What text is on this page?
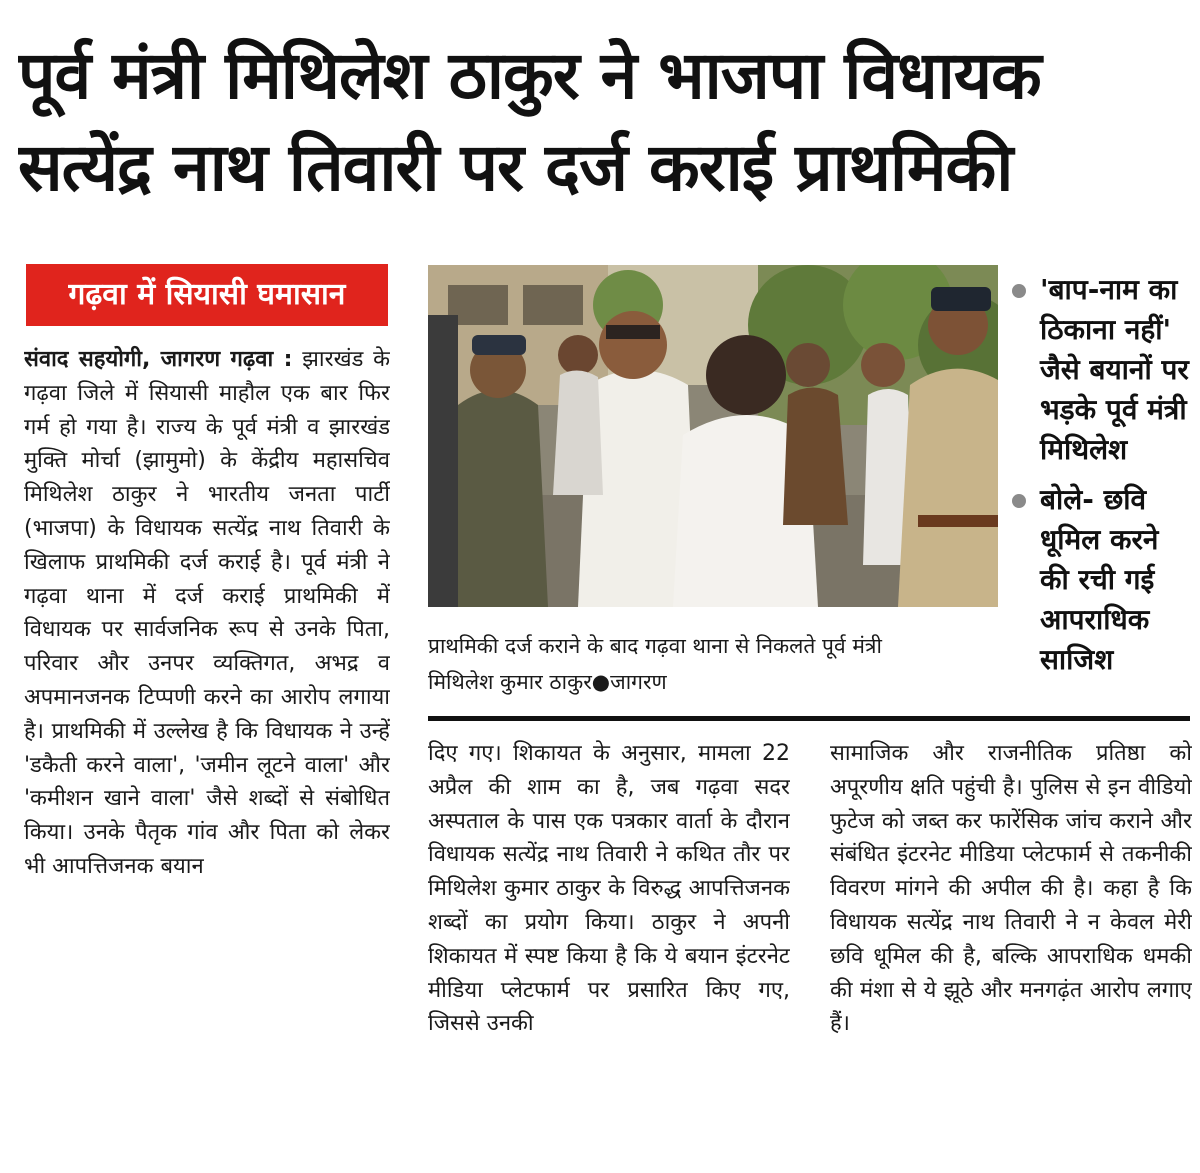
पूर्व मंत्री मिथिलेश ठाकुर ने भाजपा विधायक
सत्येंद्र नाथ तिवारी पर दर्ज कराई प्राथमिकी
गढ़वा में सियासी घमासान
संवाद सहयोगी, जागरण गढ़वा : झारखंड के गढ़वा जिले में सियासी माहौल एक बार फिर गर्म हो गया है। राज्य के पूर्व मंत्री व झारखंड मुक्ति मोर्चा (झामुमो) के केंद्रीय महासचिव मिथिलेश ठाकुर ने भारतीय जनता पार्टी (भाजपा) के विधायक सत्येंद्र नाथ तिवारी के खिलाफ प्राथमिकी दर्ज कराई है। पूर्व मंत्री ने गढ़वा थाना में दर्ज कराई प्राथमिकी में विधायक पर सार्वजनिक रूप से उनके पिता, परिवार और उनपर व्यक्तिगत, अभद्र व अपमानजनक टिप्पणी करने का आरोप लगाया है। प्राथमिकी में उल्लेख है कि विधायक ने उन्हें 'डकैती करने वाला', 'जमीन लूटने वाला' और 'कमीशन खाने वाला' जैसे शब्दों से संबोधित किया। उनके पैतृक गांव और पिता को लेकर भी आपत्तिजनक बयान
प्राथमिकी दर्ज कराने के बाद गढ़वा थाना से निकलते पूर्व मंत्री
मिथिलेश कुमार ठाकुर●जागरण
'बाप-नाम का ठिकाना नहीं' जैसे बयानों पर भड़के पूर्व मंत्री मिथिलेश
बोले- छवि धूमिल करने की रची गई आपराधिक साजिश
दिए गए। शिकायत के अनुसार, मामला 22 अप्रैल की शाम का है, जब गढ़वा सदर अस्पताल के पास एक पत्रकार वार्ता के दौरान विधायक सत्येंद्र नाथ तिवारी ने कथित तौर पर मिथिलेश कुमार ठाकुर के विरुद्ध आपत्तिजनक शब्दों का प्रयोग किया। ठाकुर ने अपनी शिकायत में स्पष्ट किया है कि ये बयान इंटरनेट मीडिया प्लेटफार्म पर प्रसारित किए गए, जिससे उनकी
सामाजिक और राजनीतिक प्रतिष्ठा को अपूरणीय क्षति पहुंची है। पुलिस से इन वीडियो फुटेज को जब्त कर फारेंसिक जांच कराने और संबंधित इंटरनेट मीडिया प्लेटफार्म से तकनीकी विवरण मांगने की अपील की है। कहा है कि विधायक सत्येंद्र नाथ तिवारी ने न केवल मेरी छवि धूमिल की है, बल्कि आपराधिक धमकी की मंशा से ये झूठे और मनगढ़ंत आरोप लगाए हैं।
